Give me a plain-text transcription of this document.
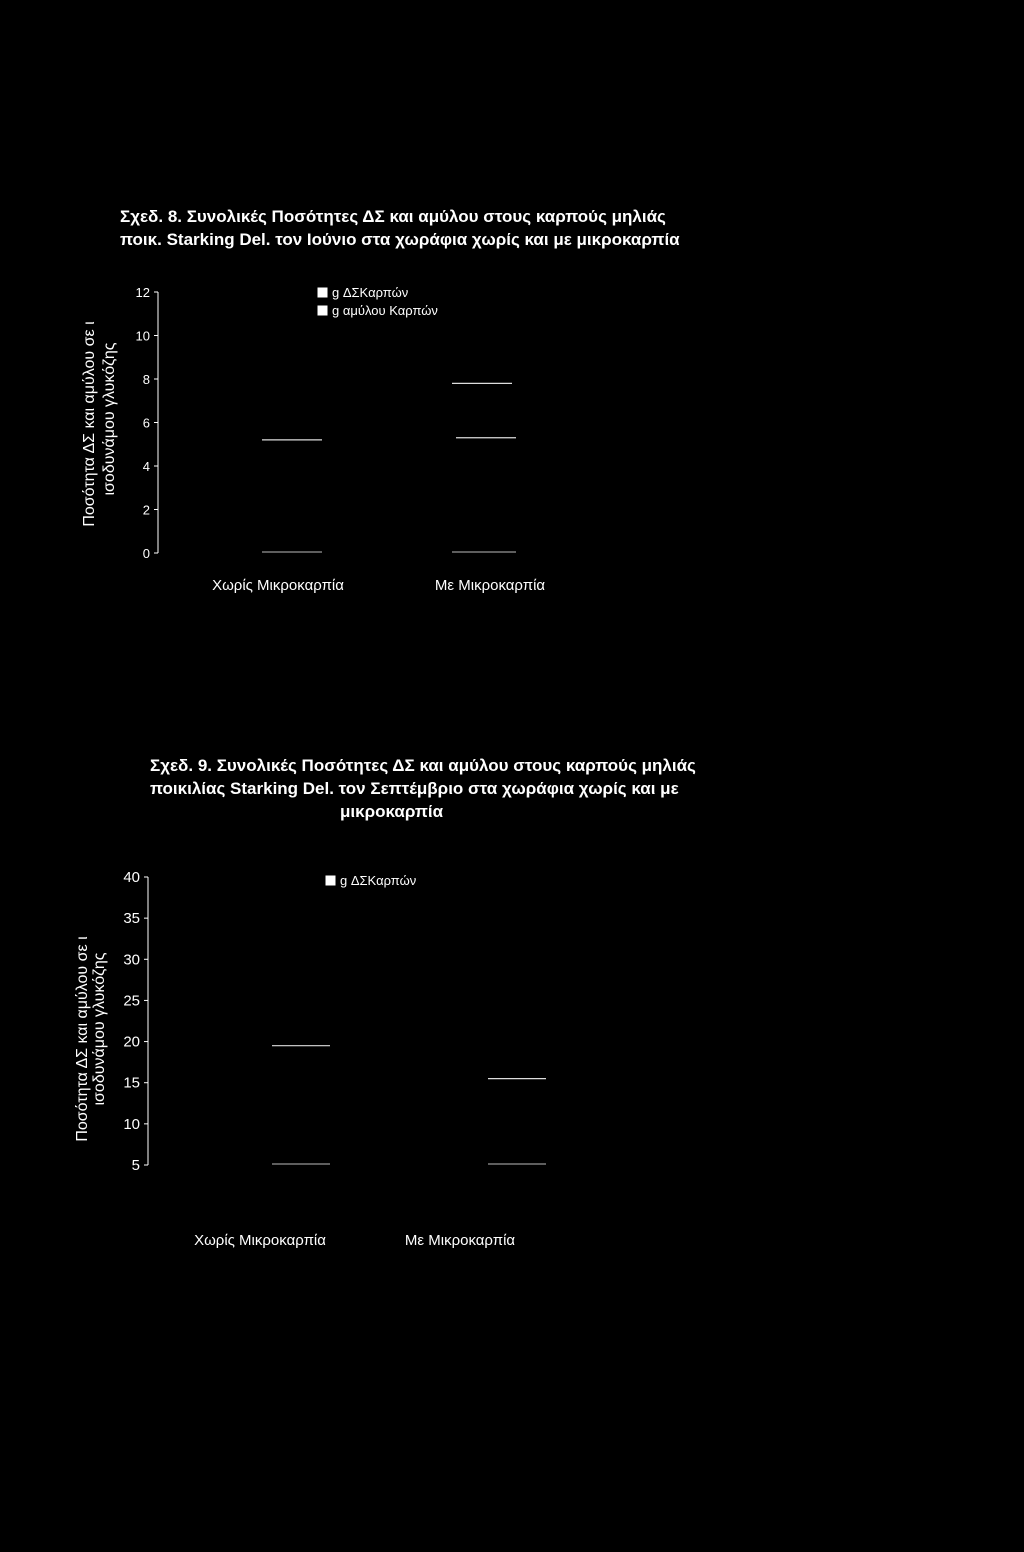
Σχεδ. 8. Συνολικές Ποσότητες ΔΣ και αμύλου στους καρπούς μηλιάς
ποικ. Starking Del. τον Ιούνιο στα χωράφια χωρίς και με μικροκαρπία
Ποσότητα ΔΣ και αμύλου σε ι ισοδυνάμου γλυκόζης
Σχεδ. 9. Συνολικές Ποσότητες ΔΣ και αμύλου στους καρπούς μηλιάς
ποικιλίας Starking Del. τον Σεπτέμβριο στα χωράφια χωρίς και με
μικροκαρπία
Ποσότητα ΔΣ και αμύλου σε ι ισοδυνάμου γλυκόζης
0
2
4
6
8
10
12
Χωρίς Μικροκαρπία	Με Μικροκαρπία
g ΔΣΚαρπών
g αμύλου Καρπών
5
10
15
20
25
30
35
40
Χωρίς Μικροκαρπία	Με Μικροκαρπία
g ΔΣΚαρπών
